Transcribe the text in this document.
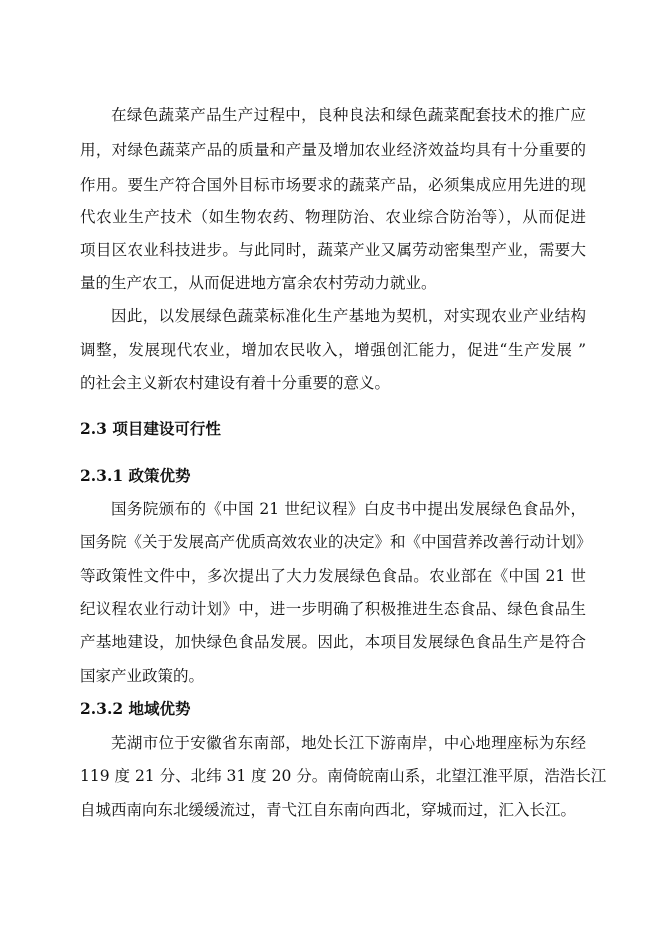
在绿色蔬菜产品生产过程中，良种良法和绿色蔬菜配套技术的推广应
用，对绿色蔬菜产品的质量和产量及增加农业经济效益均具有十分重要的
作用。要生产符合国外目标市场要求的蔬菜产品，必须集成应用先进的现
代农业生产技术（如生物农药、物理防治、农业综合防治等），从而促进
项目区农业科技进步。与此同时，蔬菜产业又属劳动密集型产业，需要大
量的生产农工，从而促进地方富余农村劳动力就业。
因此，以发展绿色蔬菜标准化生产基地为契机，对实现农业产业结构
调整，发展现代农业，增加农民收入，增强创汇能力，促进“生产发展 ”
的社会主义新农村建设有着十分重要的意义。
2.3 项目建设可行性
2.3.1 政策优势
国务院颁布的《中国 21 世纪议程》白皮书中提出发展绿色食品外，
国务院《关于发展高产优质高效农业的决定》和《中国营养改善行动计划》
等政策性文件中，多次提出了大力发展绿色食品。农业部在《中国 21 世
纪议程农业行动计划》中，进一步明确了积极推进生态食品、绿色食品生
产基地建设，加快绿色食品发展。因此，本项目发展绿色食品生产是符合
国家产业政策的。
2.3.2 地域优势
芜湖市位于安徽省东南部，地处长江下游南岸，中心地理座标为东经
119 度 21 分、北纬 31 度 20 分。南倚皖南山系，北望江淮平原，浩浩长江
自城西南向东北缓缓流过，青弋江自东南向西北，穿城而过，汇入长江。
